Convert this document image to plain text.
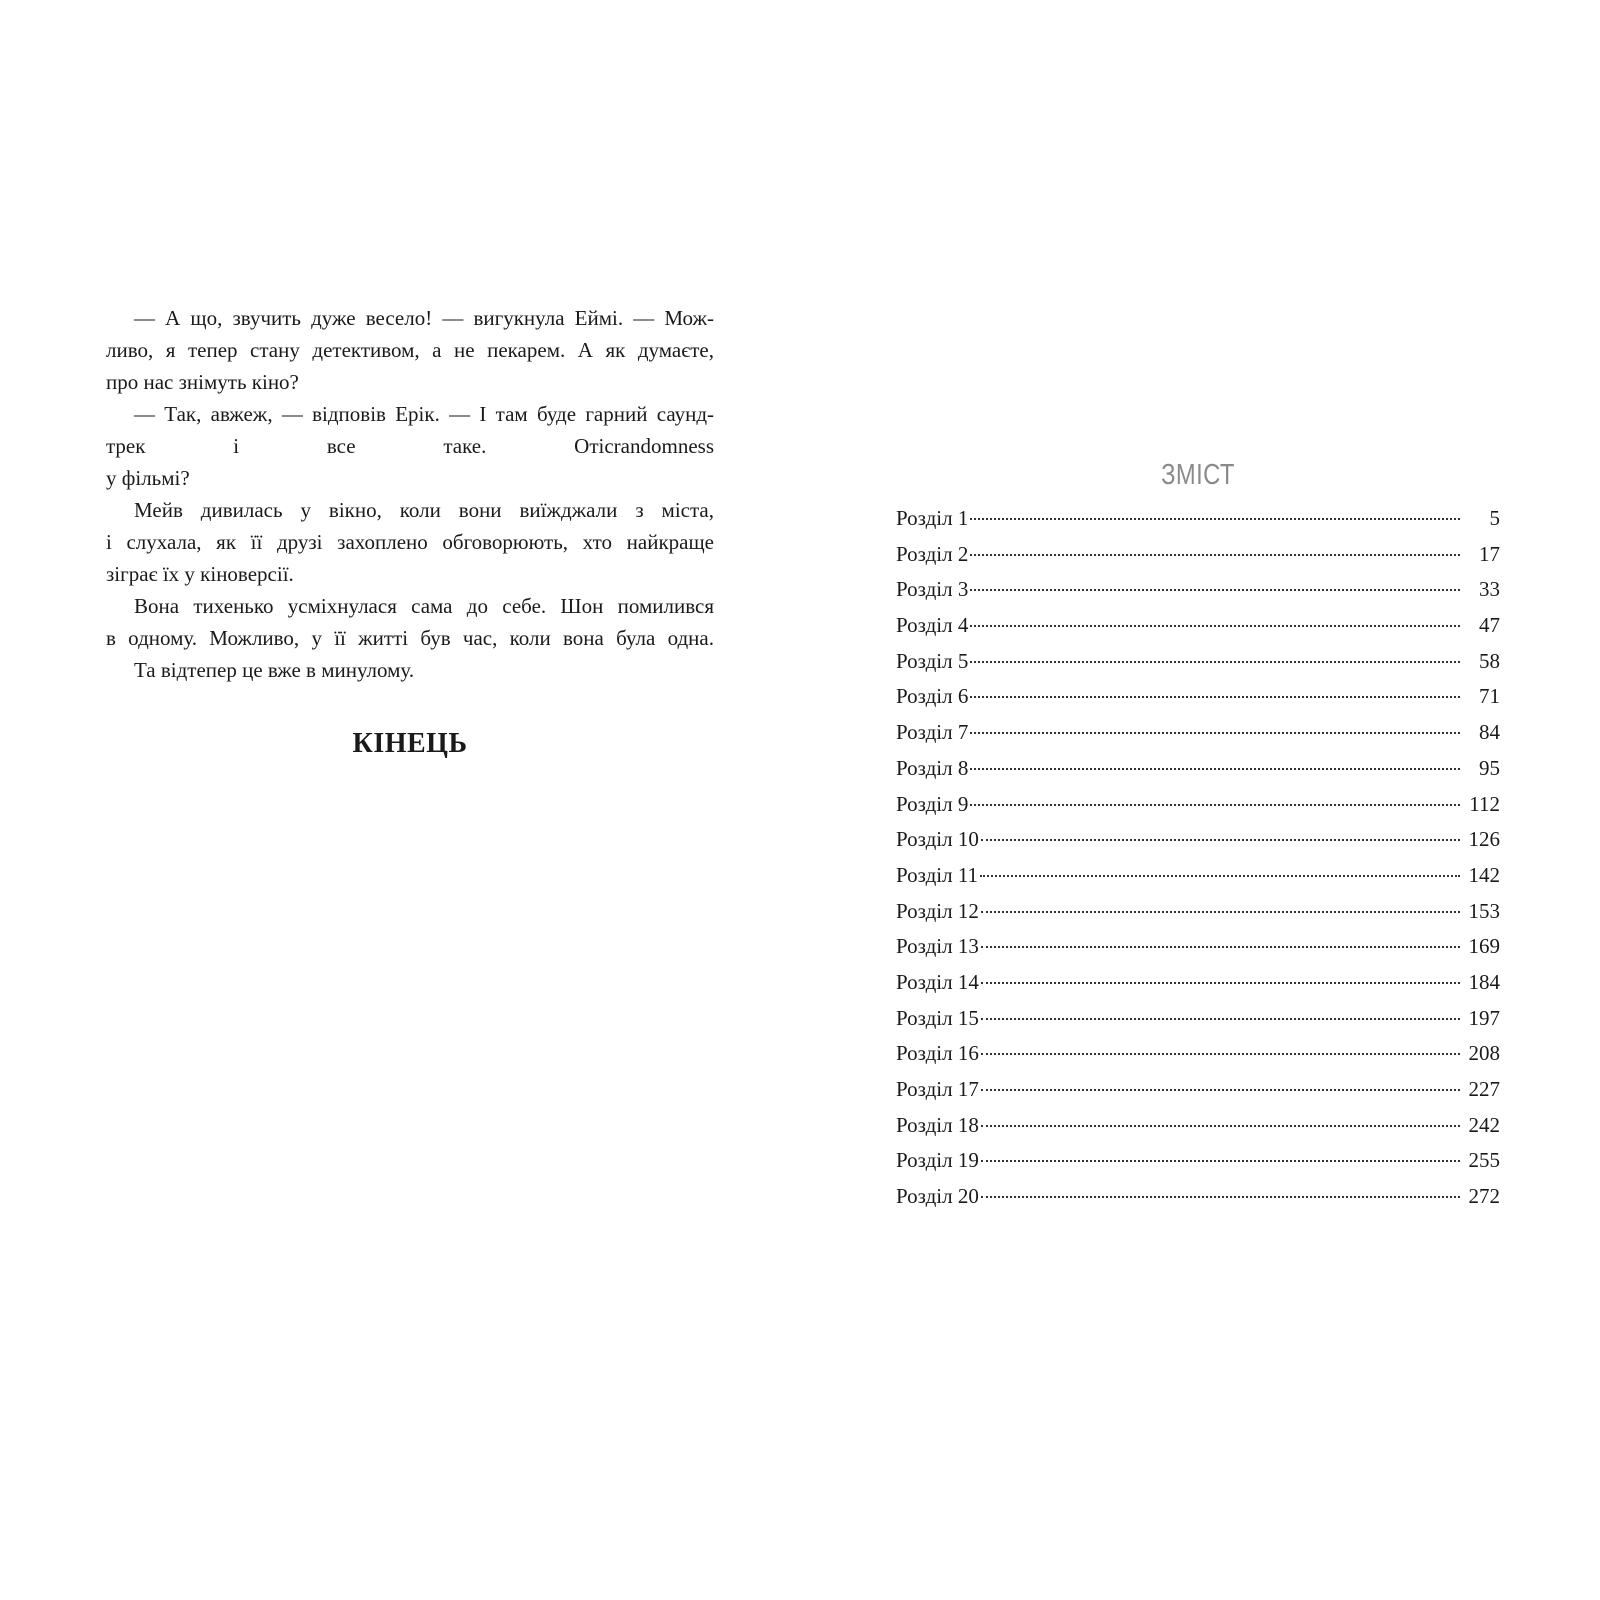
— А що, звучить дуже весело! — вигукнула Еймі. — Мож-
ливо, я тепер стану детективом, а не пекарем. А як думаєте,
про нас знімуть кіно?
— Так, авжеж, — відповів Ерік. — І там буде гарний саунд-
трек і все таке. Отісrandomness
у фільмі?
Мейв дивилась у вікно, коли вони виїжджали з міста,
і слухала, як її друзі захоплено обговорюють, хто найкраще
зіграє їх у кіноверсії.
Вона тихенько усміхнулася сама до себе. Шон помилився
в одному. Можливо, у її житті був час, коли вона була одна.
Та відтепер це вже в минулому.
КІНЕЦЬ
ЗМІСТ
Розділ 1	5
Розділ 2	17
Розділ 3	33
Розділ 4	47
Розділ 5	58
Розділ 6	71
Розділ 7	84
Розділ 8	95
Розділ 9	112
Розділ 10	126
Розділ 11	142
Розділ 12	153
Розділ 13	169
Розділ 14	184
Розділ 15	197
Розділ 16	208
Розділ 17	227
Розділ 18	242
Розділ 19	255
Розділ 20	272
